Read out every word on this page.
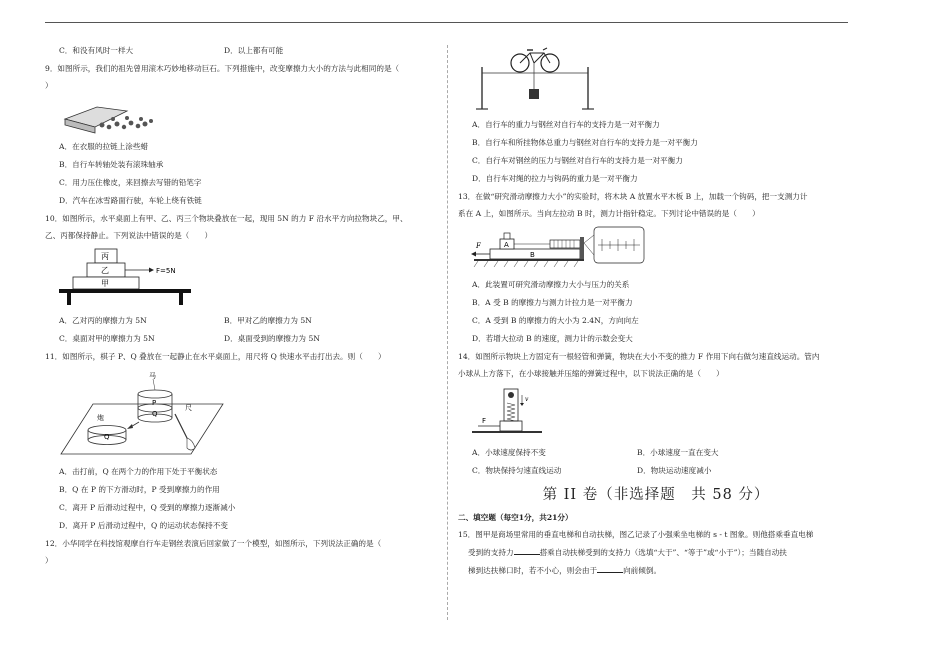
C．和没有风时一样大	D．以上都有可能
9．如图所示，我们的祖先曾用滚木巧妙地移动巨石。下列措施中，改变摩擦力大小的方法与此相同的是（
）
A．在衣服的拉链上涂些蜡
B．自行车转轴处装有滚珠轴承
C．用力压住橡皮，来回擦去写错的铅笔字
D．汽车在冰雪路面行驶，车轮上绕有铁链
10．如图所示，水平桌面上有甲、乙、丙三个物块叠放在一起，现用 5N 的力 F 沿水平方向拉物块乙，甲、
乙、丙都保持静止。下列说法中错误的是（　　）
丙
乙	F=5N
甲
A．乙对丙的摩擦力为 5N	B．甲对乙的摩擦力为 5N
C．桌面对甲的摩擦力为 5N	D．桌面受到的摩擦力为 5N
11．如图所示，棋子 P、Q 叠放在一起静止在水平桌面上，用尺将 Q 快速水平击打出去。则（　　）
马
P
Q
炮
Q
尺
A．击打前，Q 在两个力的作用下处于平衡状态
B．Q 在 P 的下方滑动时，P 受到摩擦力的作用
C．离开 P 后滑动过程中，Q 受到的摩擦力逐渐减小
D．离开 P 后滑动过程中，Q 的运动状态保持不变
12．小华同学在科技馆观摩自行车走钢丝表演后回家做了一个模型，如图所示，下列说法正确的是（
）
A．自行车的重力与钢丝对自行车的支持力是一对平衡力
B．自行车和所挂物体总重力与钢丝对自行车的支持力是一对平衡力
C．自行车对钢丝的压力与钢丝对自行车的支持力是一对平衡力
D．自行车对绳的拉力与钩码的重力是一对平衡力
13．在做“研究滑动摩擦力大小”的实验时，将木块 A 放置水平木板 B 上，加载一个钩码，把一支测力计
系在 A 上，如图所示。当向左拉动 B 时，测力计指针稳定。下列讨论中错误的是（　　）
B
A
F
A．此装置可研究滑动摩擦力大小与压力的关系
B．A 受 B 的摩擦力与测力计拉力是一对平衡力
C．A 受到 B 的摩擦力的大小为 2.4N，方向向左
D．若增大拉动 B 的速度，测力计的示数会变大
14．如图所示物块上方固定有一根轻管和弹簧，物块在大小不变的推力 F 作用下向右做匀速直线运动。管内
小球从上方落下，在小球接触并压缩的弹簧过程中，以下说法正确的是（　　）
v
F
A．小球速度保持不变	B．小球速度一直在变大
C．物块保持匀速直线运动	D．物块运动速度减小
第 II 卷（非选择题　共 58 分）
二、填空题（每空1分，共21分）
15．图甲是商场里常用的垂直电梯和自动扶梯，图乙记录了小强乘坐电梯的 s - t 图象。则他搭乘垂直电梯
受到的支持力	搭乘自动扶梯受到的支持力（选填“大于”、“等于”或“小于”）；当随自动扶
梯到达扶梯口时，若不小心，则会由于	向前倾倒。
